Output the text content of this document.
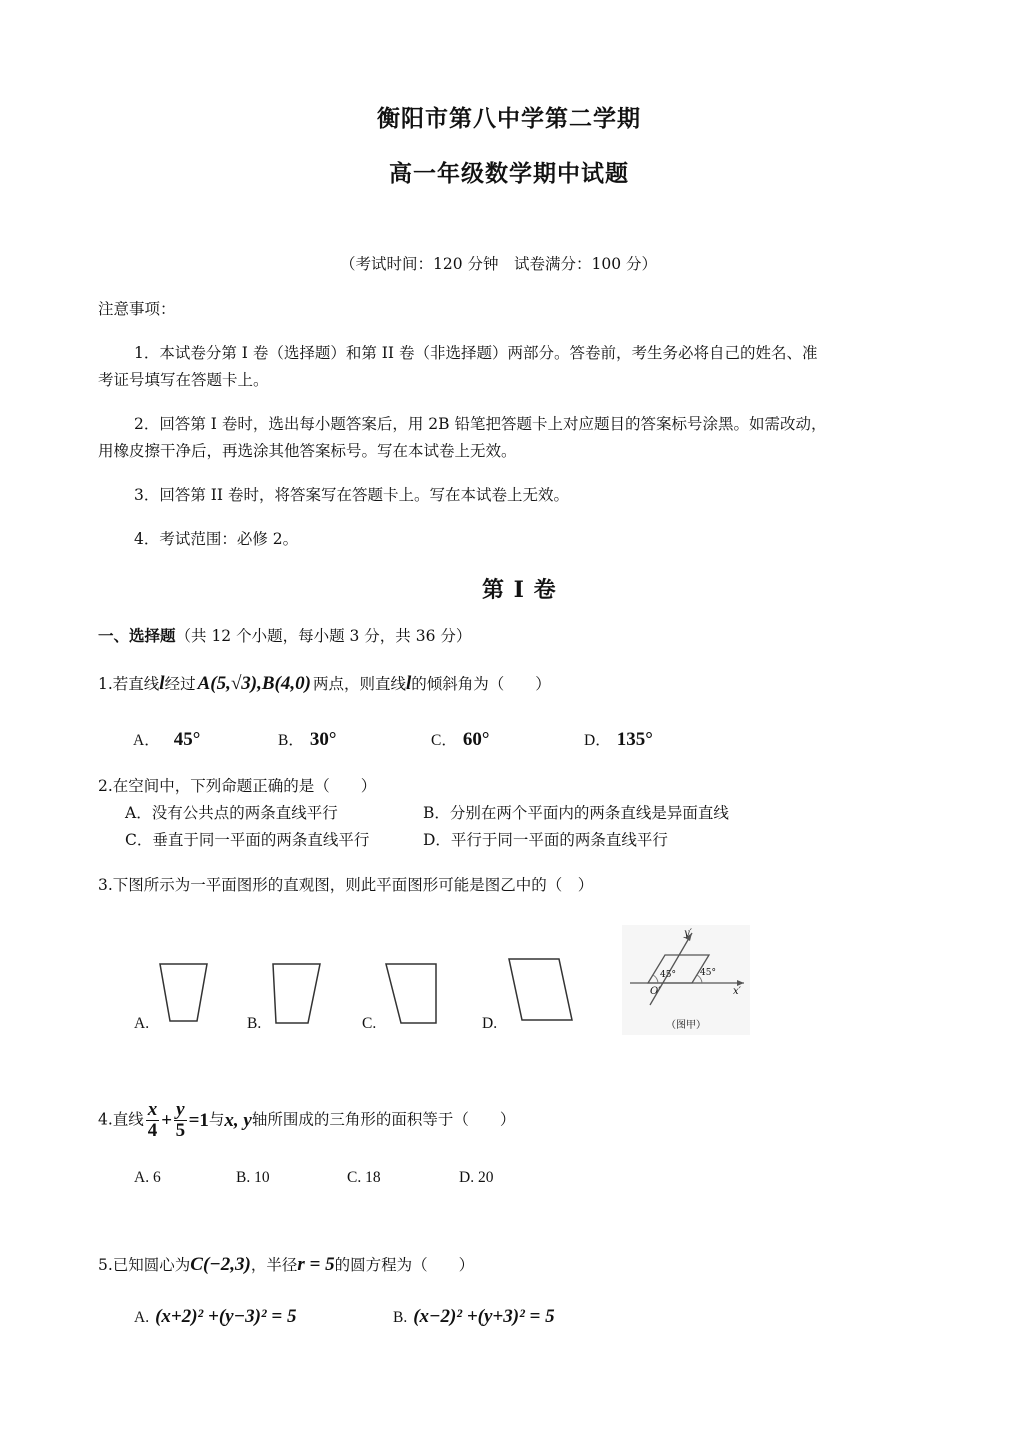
衡阳市第八中学第二学期
高一年级数学期中试题
（考试时间：120 分钟　试卷满分：100 分）
注意事项：
1．本试卷分第 I 卷（选择题）和第 II 卷（非选择题）两部分。答卷前，考生务必将自己的姓名、准
考证号填写在答题卡上。
2．回答第 I 卷时，选出每小题答案后，用 2B 铅笔把答题卡上对应题目的答案标号涂黑。如需改动，
用橡皮擦干净后，再选涂其他答案标号。写在本试卷上无效。
3．回答第 II 卷时，将答案写在答题卡上。写在本试卷上无效。
4．考试范围：必修 2。
第 I 卷
一、选择题（共 12 个小题，每小题 3 分，共 36 分）
1.若直线l经过 A(5,√3),B(4,0) 两点，则直线l的倾斜角为（　　）
A． 45°	B． 30°	C． 60°	D． 135°
2.在空间中，下列命题正确的是（　　）
A．没有公共点的两条直线平行	B．分别在两个平面内的两条直线是异面直线
C．垂直于同一平面的两条直线平行	D．平行于同一平面的两条直线平行
3.下图所示为一平面图形的直观图，则此平面图形可能是图乙中的（　）
A.	B.	C.	D.
y′
45°	45°
O′	x′
（图甲）
4.直线 $\frac{x}{4} + \frac{y}{5} =1$与x, y轴所围成的三角形的面积等于（　　）
A. 6	B. 10	C. 18	D. 20
5.已知圆心为C(−2,3)，半径r = 5的圆方程为（　　）
A. (x+2)² +(y−3)² = 5	B. (x−2)² +(y+3)² = 5
